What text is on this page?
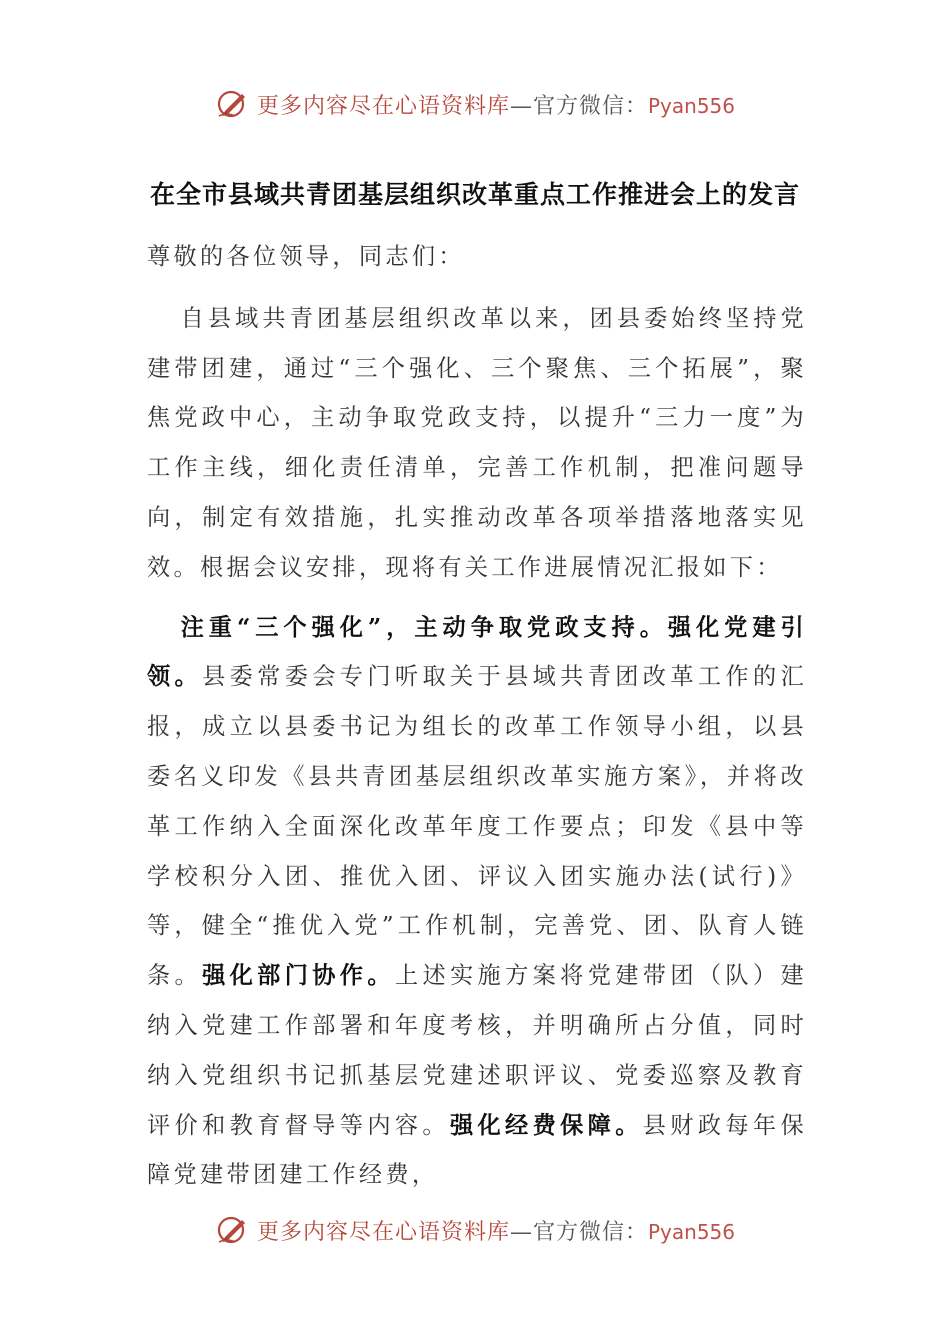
更多内容尽在心语资料库—官方微信：Pyan556
在全市县域共青团基层组织改革重点工作推进会上的发言

尊敬的各位领导，同志们：

自县域共青团基层组织改革以来，团县委始终坚持党建带团建，通过“三个强化、三个聚焦、三个拓展”，聚焦党政中心，主动争取党政支持，以提升“三力一度”为工作主线，细化责任清单，完善工作机制，把准问题导向，制定有效措施，扎实推动改革各项举措落地落实见效。根据会议安排，现将有关工作进展情况汇报如下：

注重“三个强化”，主动争取党政支持。强化党建引领。县委常委会专门听取关于县域共青团改革工作的汇报，成立以县委书记为组长的改革工作领导小组，以县委名义印发《县共青团基层组织改革实施方案》，并将改革工作纳入全面深化改革年度工作要点；印发《县中等学校积分入团、推优入团、评议入团实施办法(试行)》等，健全“推优入党”工作机制，完善党、团、队育人链条。强化部门协作。上述实施方案将党建带团（队）建纳入党建工作部署和年度考核，并明确所占分值，同时纳入党组织书记抓基层党建述职评议、党委巡察及教育评价和教育督导等内容。强化经费保障。县财政每年保障党建带团建工作经费，

更多内容尽在心语资料库—官方微信：Pyan556
